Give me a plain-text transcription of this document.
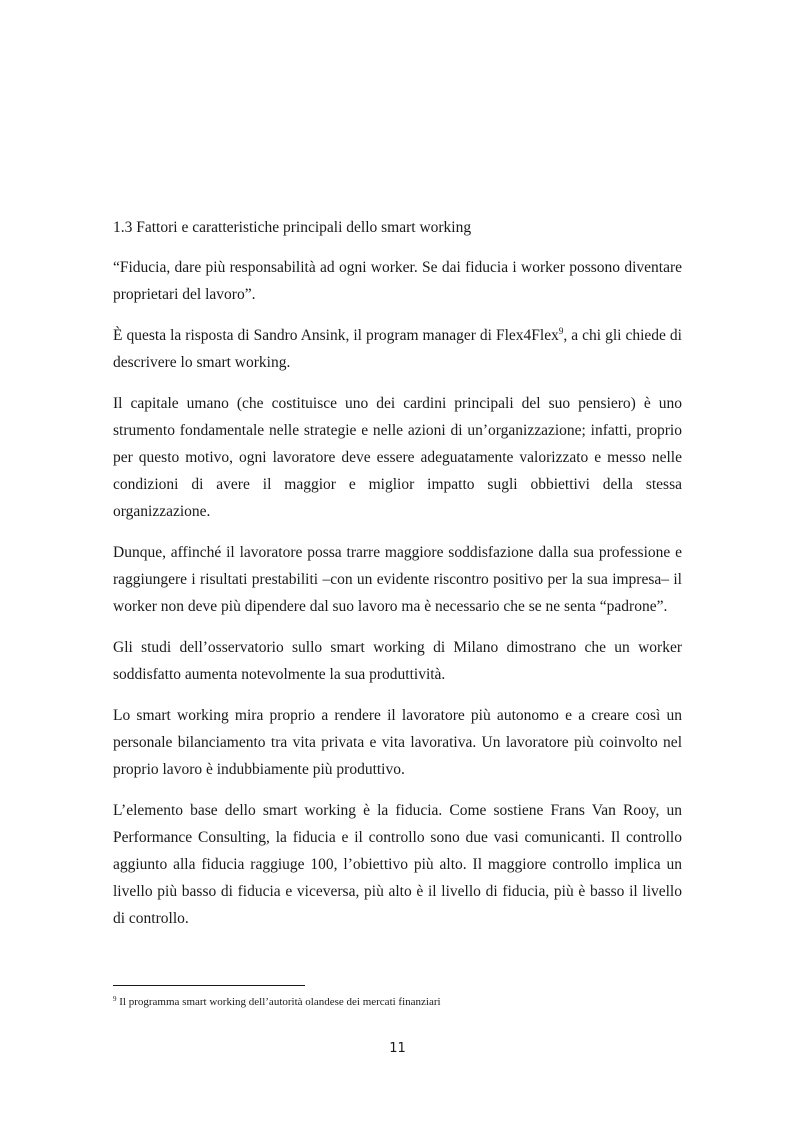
1.3 Fattori e caratteristiche principali dello smart working

“Fiducia, dare più responsabilità ad ogni worker. Se dai fiducia i worker possono diventare proprietari del lavoro”.

È questa la risposta di Sandro Ansink, il program manager di Flex4Flex$^9$, a chi gli chiede di descrivere lo smart working.

Il capitale umano (che costituisce uno dei cardini principali del suo pensiero) è uno strumento fondamentale nelle strategie e nelle azioni di un’organizzazione; infatti, proprio per questo motivo, ogni lavoratore deve essere adeguatamente valorizzato e messo nelle condizioni di avere il maggior e miglior impatto sugli obbiettivi della stessa organizzazione.

Dunque, affinché il lavoratore possa trarre maggiore soddisfazione dalla sua professione e raggiungere i risultati prestabiliti –con un evidente riscontro positivo per la sua impresa– il worker non deve più dipendere dal suo lavoro ma è necessario che se ne senta “padrone”.

Gli studi dell’osservatorio sullo smart working di Milano dimostrano che un worker soddisfatto aumenta notevolmente la sua produttività.

Lo smart working mira proprio a rendere il lavoratore più autonomo e a creare così un personale bilanciamento tra vita privata e vita lavorativa. Un lavoratore più coinvolto nel proprio lavoro è indubbiamente più produttivo.

L’elemento base dello smart working è la fiducia. Come sostiene Frans Van Rooy, un Performance Consulting, la fiducia e il controllo sono due vasi comunicanti. Il controllo aggiunto alla fiducia raggiuge 100, l’obiettivo più alto. Il maggiore controllo implica un livello più basso di fiducia e viceversa, più alto è il livello di fiducia, più è basso il livello di controllo.

$^9$ Il programma smart working dell’autorità olandese dei mercati finanziari
11
